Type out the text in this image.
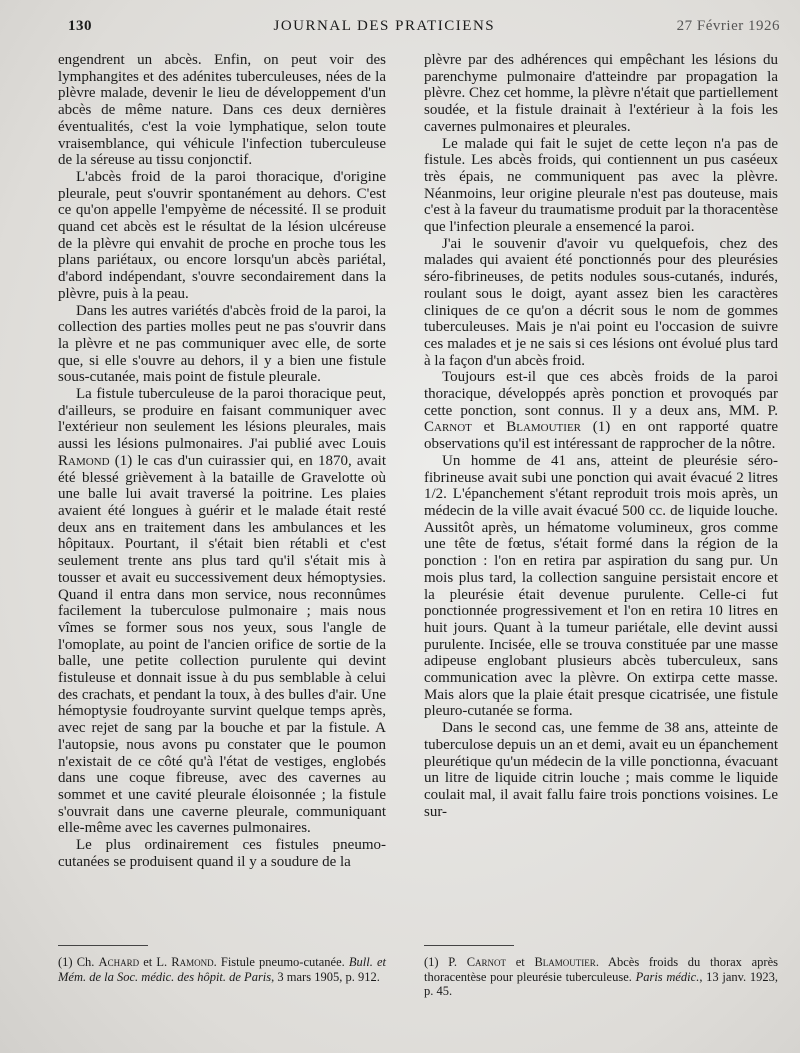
130	JOURNAL DES PRATICIENS	27 Février 1926

engendrent un abcès. Enfin, on peut voir des lymphangites et des adénites tuberculeuses, nées de la plèvre malade, devenir le lieu de développement d'un abcès de même nature. Dans ces deux dernières éventualités, c'est la voie lymphatique, selon toute vraisemblance, qui véhicule l'infection tuberculeuse de la séreuse au tissu conjonctif.

L'abcès froid de la paroi thoracique, d'origine pleurale, peut s'ouvrir spontanément au dehors. C'est ce qu'on appelle l'empyème de nécessité. Il se produit quand cet abcès est le résultat de la lésion ulcéreuse de la plèvre qui envahit de proche en proche tous les plans pariétaux, ou encore lorsqu'un abcès pariétal, d'abord indépendant, s'ouvre secondairement dans la plèvre, puis à la peau.

Dans les autres variétés d'abcès froid de la paroi, la collection des parties molles peut ne pas s'ouvrir dans la plèvre et ne pas communiquer avec elle, de sorte que, si elle s'ouvre au dehors, il y a bien une fistule sous-cutanée, mais point de fistule pleurale.

La fistule tuberculeuse de la paroi thoracique peut, d'ailleurs, se produire en faisant communiquer avec l'extérieur non seulement les lésions pleurales, mais aussi les lésions pulmonaires. J'ai publié avec Louis Ramond (1) le cas d'un cuirassier qui, en 1870, avait été blessé grièvement à la bataille de Gravelotte où une balle lui avait traversé la poitrine. Les plaies avaient été longues à guérir et le malade était resté deux ans en traitement dans les ambulances et les hôpitaux. Pourtant, il s'était bien rétabli et c'est seulement trente ans plus tard qu'il s'était mis à tousser et avait eu successivement deux hémoptysies. Quand il entra dans mon service, nous reconnûmes facilement la tuberculose pulmonaire ; mais nous vîmes se former sous nos yeux, sous l'angle de l'omoplate, au point de l'ancien orifice de sortie de la balle, une petite collection purulente qui devint fistuleuse et donnait issue à du pus semblable à celui des crachats, et pendant la toux, à des bulles d'air. Une hémoptysie foudroyante survint quelque temps après, avec rejet de sang par la bouche et par la fistule. A l'autopsie, nous avons pu constater que le poumon n'existait de ce côté qu'à l'état de vestiges, englobés dans une coque fibreuse, avec des cavernes au sommet et une cavité pleurale éloisonnée ; la fistule s'ouvrait dans une caverne pleurale, communiquant elle-même avec les cavernes pulmonaires.

Le plus ordinairement ces fistules pneumo-cutanées se produisent quand il y a soudure de la

plèvre par des adhérences qui empêchant les lésions du parenchyme pulmonaire d'atteindre par propagation la plèvre. Chez cet homme, la plèvre n'était que partiellement soudée, et la fistule drainait à l'extérieur à la fois les cavernes pulmonaires et pleurales.

Le malade qui fait le sujet de cette leçon n'a pas de fistule. Les abcès froids, qui contiennent un pus caséeux très épais, ne communiquent pas avec la plèvre. Néanmoins, leur origine pleurale n'est pas douteuse, mais c'est à la faveur du traumatisme produit par la thoracentèse que l'infection pleurale a ensemencé la paroi.

J'ai le souvenir d'avoir vu quelquefois, chez des malades qui avaient été ponctionnés pour des pleurésies séro-fibrineuses, de petits nodules sous-cutanés, indurés, roulant sous le doigt, ayant assez bien les caractères cliniques de ce qu'on a décrit sous le nom de gommes tuberculeuses. Mais je n'ai point eu l'occasion de suivre ces malades et je ne sais si ces lésions ont évolué plus tard à la façon d'un abcès froid.

Toujours est-il que ces abcès froids de la paroi thoracique, développés après ponction et provoqués par cette ponction, sont connus. Il y a deux ans, MM. P. Carnot et Blamoutier (1) en ont rapporté quatre observations qu'il est intéressant de rapprocher de la nôtre.

Un homme de 41 ans, atteint de pleurésie séro-fibrineuse avait subi une ponction qui avait évacué 2 litres 1/2. L'épanchement s'étant reproduit trois mois après, un médecin de la ville avait évacué 500 cc. de liquide louche. Aussitôt après, un hématome volumineux, gros comme une tête de fœtus, s'était formé dans la région de la ponction : l'on en retira par aspiration du sang pur. Un mois plus tard, la collection sanguine persistait encore et la pleurésie était devenue purulente. Celle-ci fut ponctionnée progressivement et l'on en retira 10 litres en huit jours. Quant à la tumeur pariétale, elle devint aussi purulente. Incisée, elle se trouva constituée par une masse adipeuse englobant plusieurs abcès tuberculeux, sans communication avec la plèvre. On extirpa cette masse. Mais alors que la plaie était presque cicatrisée, une fistule pleuro-cutanée se forma.

Dans le second cas, une femme de 38 ans, atteinte de tuberculose depuis un an et demi, avait eu un épanchement pleurétique qu'un médecin de la ville ponctionna, évacuant un litre de liquide citrin louche ; mais comme le liquide coulait mal, il avait fallu faire trois ponctions voisines. Le sur-

(1) Ch. Achard et L. Ramond. Fistule pneumo-cutanée. Bull. et Mém. de la Soc. médic. des hôpit. de Paris, 3 mars 1905, p. 912.
(1) P. Carnot et Blamoutier. Abcès froids du thorax après thoracentèse pour pleurésie tuberculeuse. Paris médic., 13 janv. 1923, p. 45.
